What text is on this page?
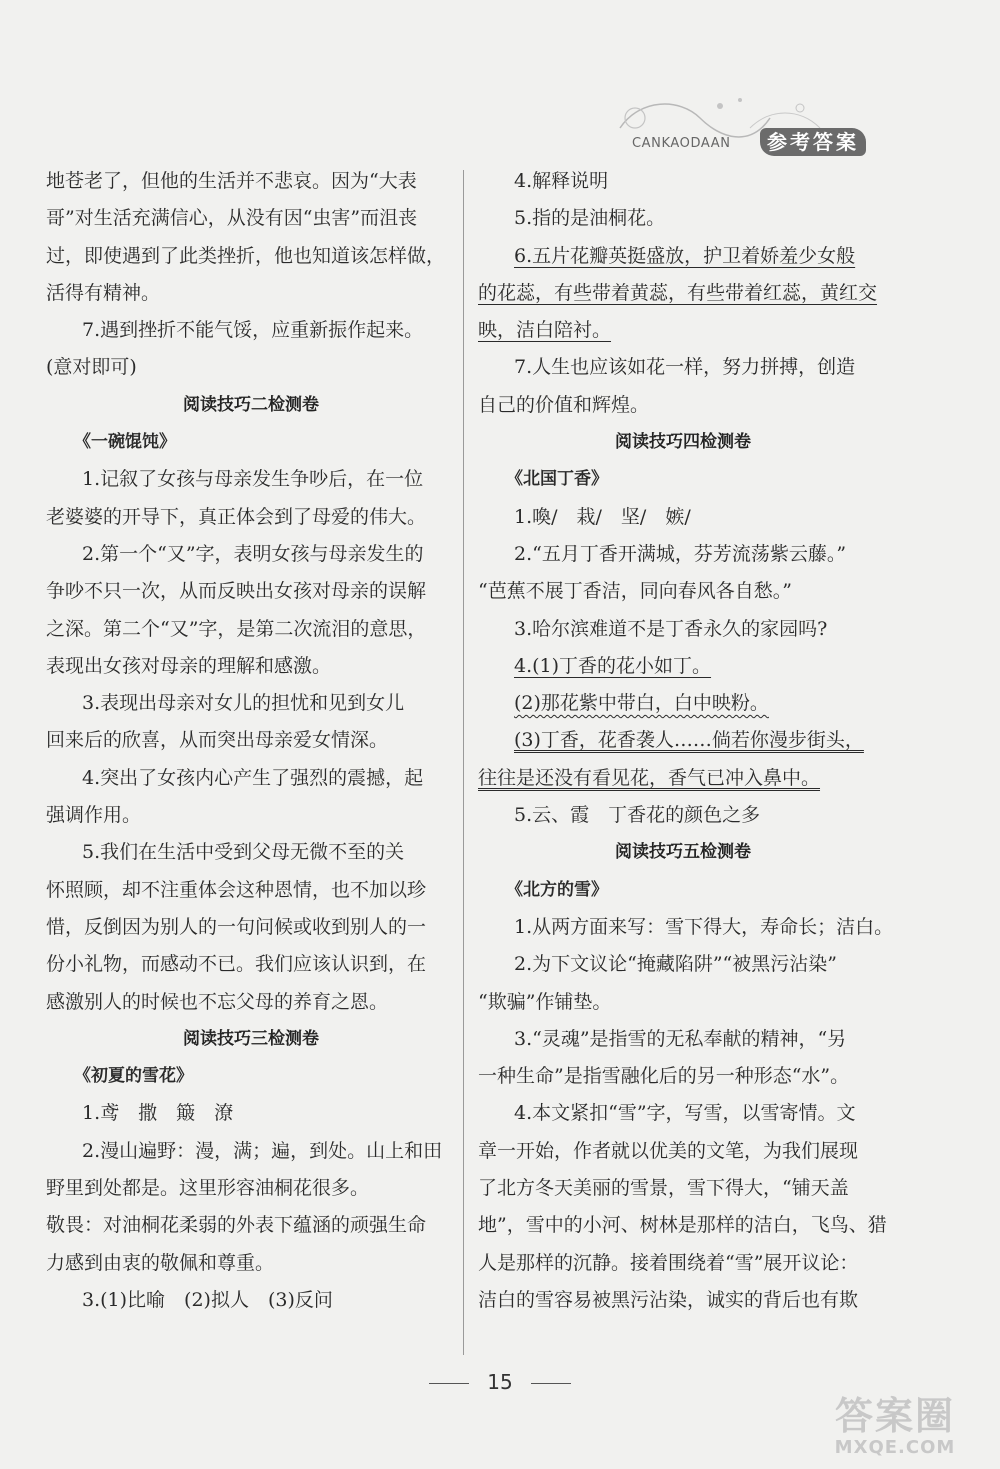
CANKAODAAN	参考答案
地苍老了，但他的生活并不悲哀。因为“大表
哥”对生活充满信心，从没有因“虫害”而沮丧
过，即使遇到了此类挫折，他也知道该怎样做，
活得有精神。
7.遇到挫折不能气馁，应重新振作起来。
(意对即可)
阅读技巧二检测卷
《一碗馄饨》
1.记叙了女孩与母亲发生争吵后，在一位
老婆婆的开导下，真正体会到了母爱的伟大。
2.第一个“又”字，表明女孩与母亲发生的
争吵不只一次，从而反映出女孩对母亲的误解
之深。第二个“又”字，是第二次流泪的意思，
表现出女孩对母亲的理解和感激。
3.表现出母亲对女儿的担忧和见到女儿
回来后的欣喜，从而突出母亲爱女情深。
4.突出了女孩内心产生了强烈的震撼，起
强调作用。
5.我们在生活中受到父母无微不至的关
怀照顾，却不注重体会这种恩情，也不加以珍
惜，反倒因为别人的一句问候或收到别人的一
份小礼物，而感动不已。我们应该认识到，在
感激别人的时候也不忘父母的养育之恩。
阅读技巧三检测卷
《初夏的雪花》
1.鸢　撒　簸　潦
2.漫山遍野：漫，满；遍，到处。山上和田
野里到处都是。这里形容油桐花很多。
敬畏：对油桐花柔弱的外表下蕴涵的顽强生命
力感到由衷的敬佩和尊重。
3.(1)比喻　(2)拟人　(3)反问
4.解释说明
5.指的是油桐花。
6.五片花瓣英挺盛放，护卫着娇羞少女般
的花蕊，有些带着黄蕊，有些带着红蕊，黄红交
映，洁白陪衬。
7.人生也应该如花一样，努力拼搏，创造
自己的价值和辉煌。
阅读技巧四检测卷
《北国丁香》
1.喚/　栽/　坚/　嫉/
2.“五月丁香开满城，芬芳流荡紫云藤。”
“芭蕉不展丁香洁，同向春风各自愁。”
3.哈尔滨难道不是丁香永久的家园吗?
4.(1)丁香的花小如丁。
(2)那花紫中带白，白中映粉。
(3)丁香，花香袭人……倘若你漫步街头，
往往是还没有看见花，香气已冲入鼻中。
5.云、霞　丁香花的颜色之多
阅读技巧五检测卷
《北方的雪》
1.从两方面来写：雪下得大，寿命长；洁白。
2.为下文议论“掩藏陷阱”“被黑污沾染”
“欺骗”作铺垫。
3.“灵魂”是指雪的无私奉献的精神，“另
一种生命”是指雪融化后的另一种形态“水”。
4.本文紧扣“雪”字，写雪，以雪寄情。文
章一开始，作者就以优美的文笔，为我们展现
了北方冬天美丽的雪景，雪下得大，“铺天盖
地”，雪中的小河、树林是那样的洁白，飞鸟、猎
人是那样的沉静。接着围绕着“雪”展开议论：
洁白的雪容易被黑污沾染，诚实的背后也有欺
15
答案圈
MXQE.COM
